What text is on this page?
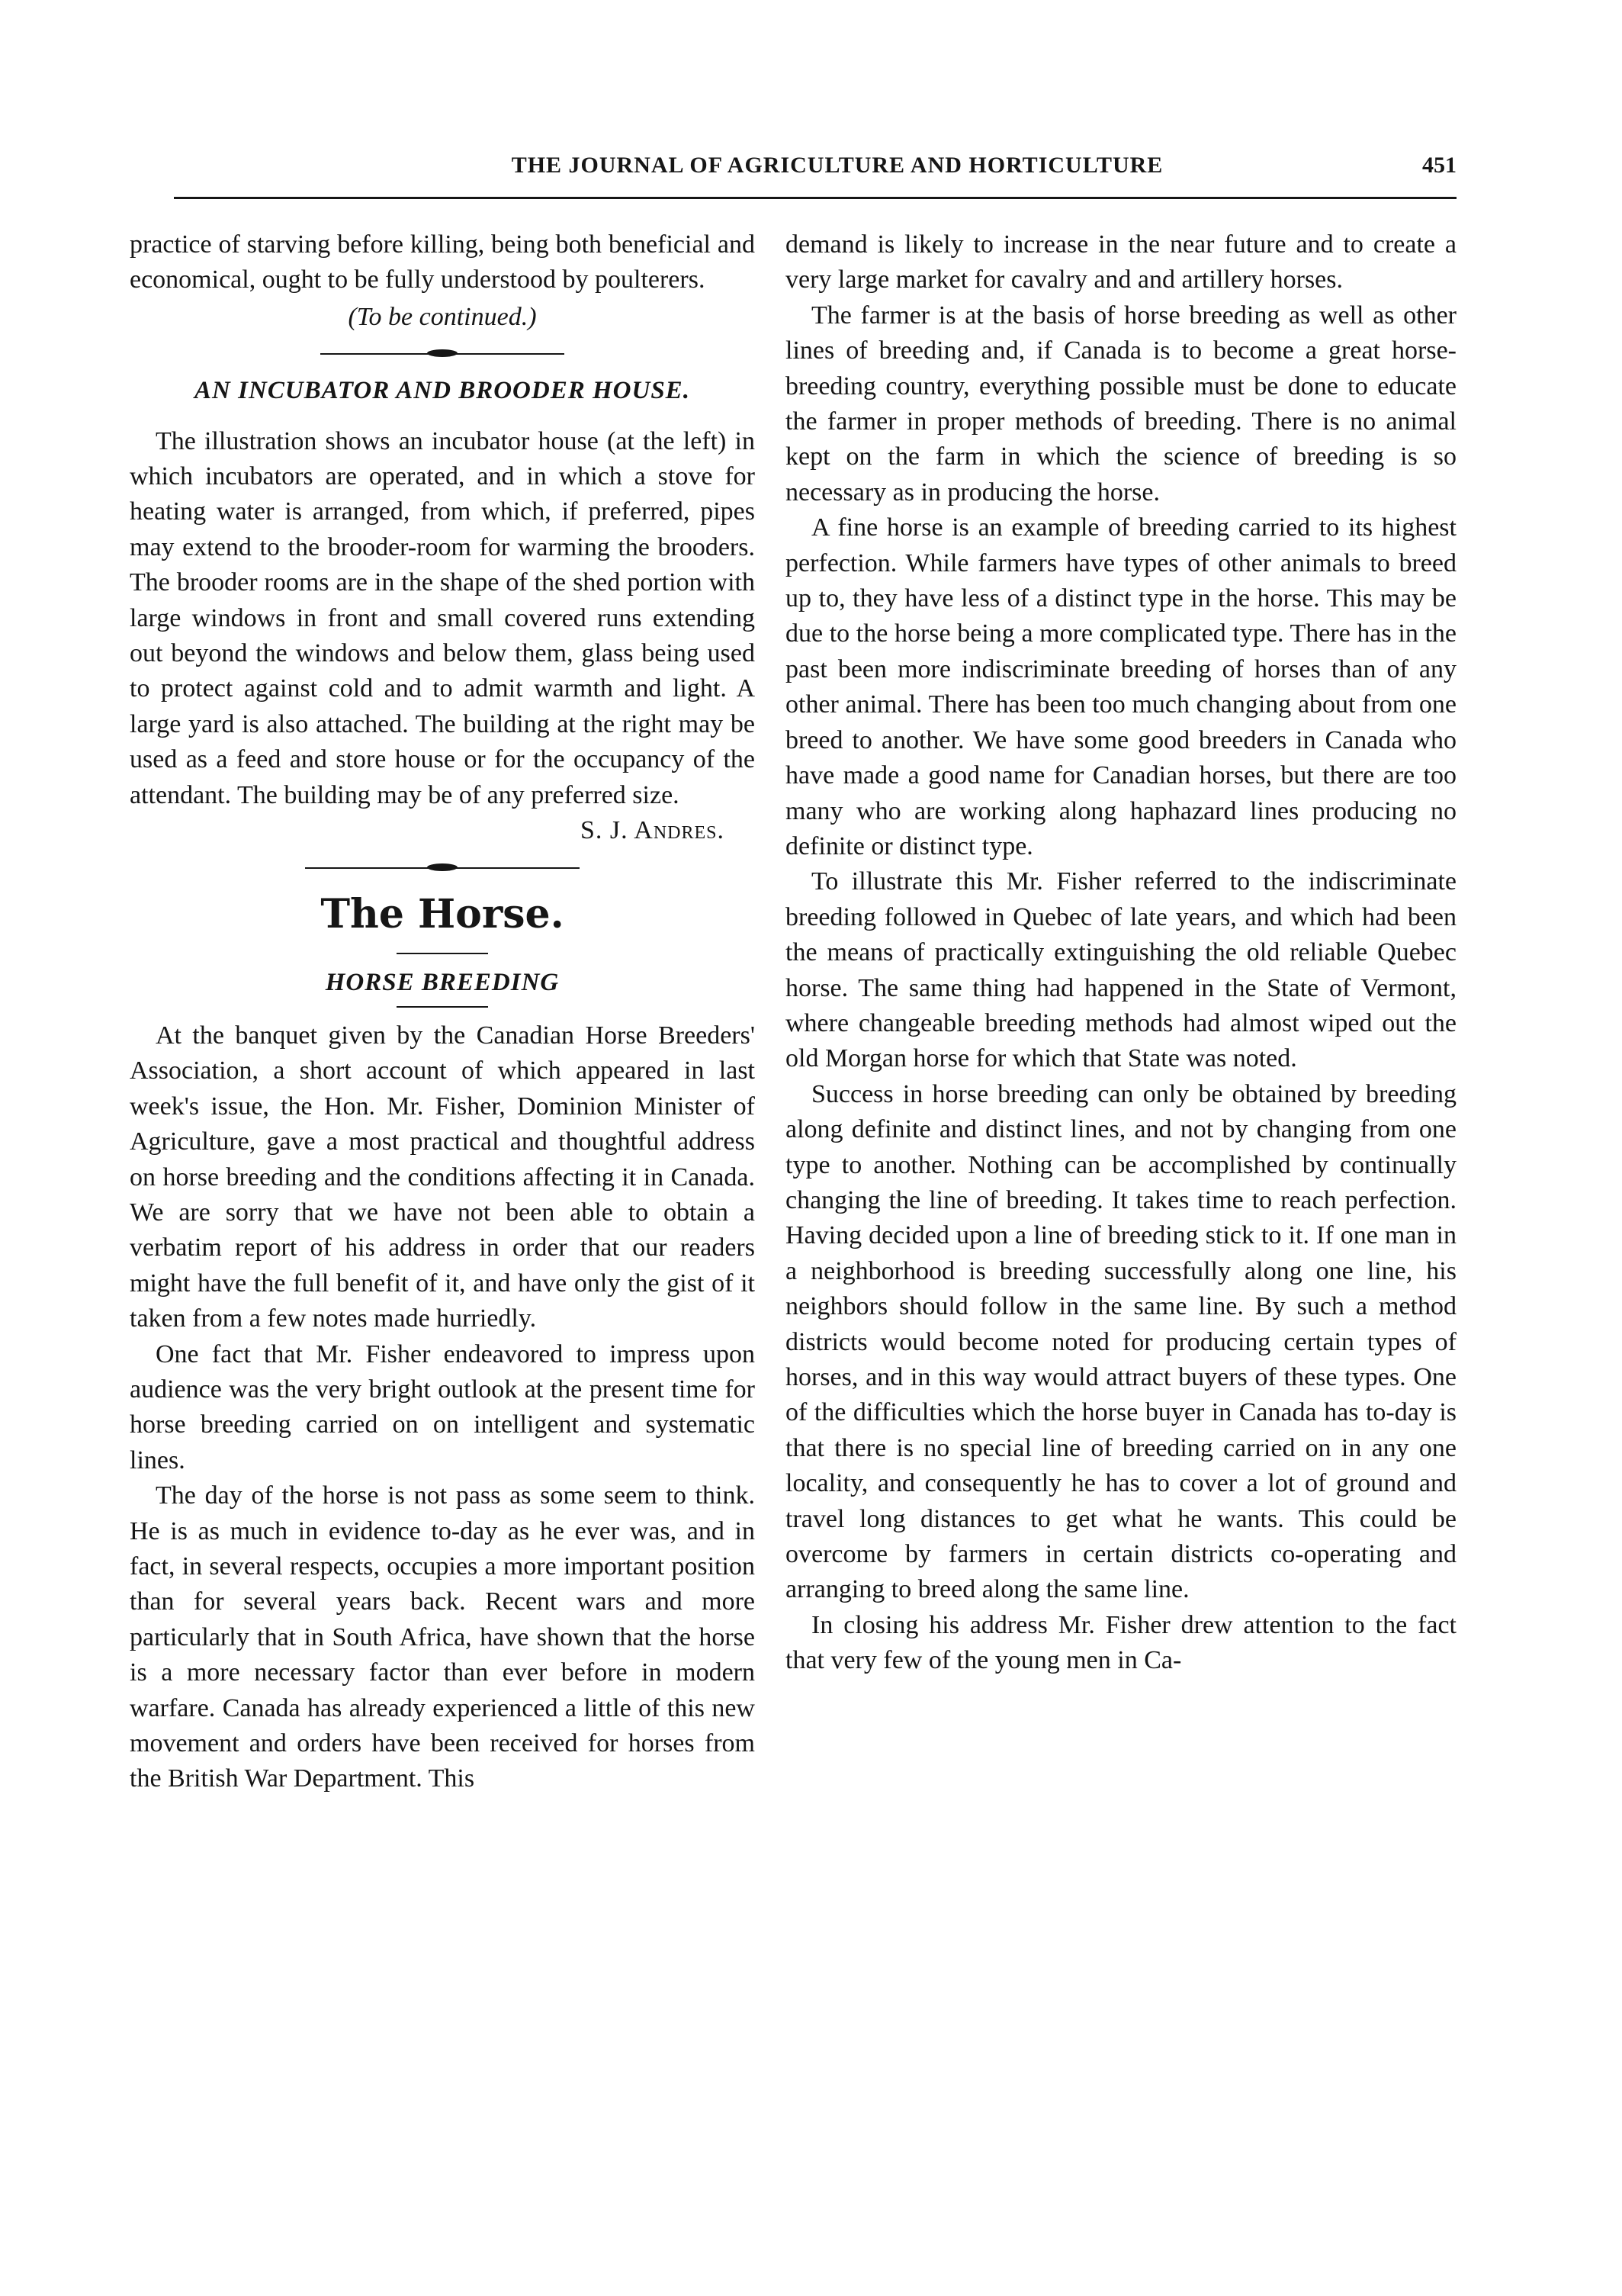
THE JOURNAL OF AGRICULTURE AND HORTICULTURE	451

practice of starving before killing, being both beneficial and economical, ought to be fully understood by poulterers.

(To be continued.)

AN INCUBATOR AND BROODER HOUSE.

The illustration shows an incubator house (at the left) in which incubators are operated, and in which a stove for heating water is arranged, from which, if preferred, pipes may extend to the brooder-room for warming the brooders. The brooder rooms are in the shape of the shed portion with large windows in front and small covered runs extending out beyond the windows and below them, glass being used to protect against cold and to admit warmth and light. A large yard is also attached. The building at the right may be used as a feed and store house or for the occupancy of the attendant. The building may be of any preferred size.

S. J. Andres.
The Horse.

HORSE BREEDING

At the banquet given by the Canadian Horse Breeders' Association, a short account of which appeared in last week's issue, the Hon. Mr. Fisher, Dominion Minister of Agriculture, gave a most practical and thoughtful address on horse breeding and the conditions affecting it in Canada. We are sorry that we have not been able to obtain a verbatim report of his address in order that our readers might have the full benefit of it, and have only the gist of it taken from a few notes made hurriedly.

One fact that Mr. Fisher endeavored to impress upon audience was the very bright outlook at the present time for horse breeding carried on on intelligent and systematic lines.

The day of the horse is not pass as some seem to think. He is as much in evidence to-day as he ever was, and in fact, in several respects, occupies a more important position than for several years back. Recent wars and more particularly that in South Africa, have shown that the horse is a more necessary factor than ever before in modern warfare. Canada has already experienced a little of this new movement and orders have been received for horses from the British War Department. This

demand is likely to increase in the near future and to create a very large market for cavalry and and artillery horses.

The farmer is at the basis of horse breeding as well as other lines of breeding and, if Canada is to become a great horse-breeding country, everything possible must be done to educate the farmer in proper methods of breeding. There is no animal kept on the farm in which the science of breeding is so necessary as in producing the horse.

A fine horse is an example of breeding carried to its highest perfection. While farmers have types of other animals to breed up to, they have less of a distinct type in the horse. This may be due to the horse being a more complicated type. There has in the past been more indiscriminate breeding of horses than of any other animal. There has been too much changing about from one breed to another. We have some good breeders in Canada who have made a good name for Canadian horses, but there are too many who are working along haphazard lines producing no definite or distinct type.

To illustrate this Mr. Fisher referred to the indiscriminate breeding followed in Quebec of late years, and which had been the means of practically extinguishing the old reliable Quebec horse. The same thing had happened in the State of Vermont, where changeable breeding methods had almost wiped out the old Morgan horse for which that State was noted.

Success in horse breeding can only be obtained by breeding along definite and distinct lines, and not by changing from one type to another. Nothing can be accomplished by continually changing the line of breeding. It takes time to reach perfection. Having decided upon a line of breeding stick to it. If one man in a neighborhood is breeding successfully along one line, his neighbors should follow in the same line. By such a method districts would become noted for producing certain types of horses, and in this way would attract buyers of these types. One of the difficulties which the horse buyer in Canada has to-day is that there is no special line of breeding carried on in any one locality, and consequently he has to cover a lot of ground and travel long distances to get what he wants. This could be overcome by farmers in certain districts co-operating and arranging to breed along the same line.

In closing his address Mr. Fisher drew attention to the fact that very few of the young men in Ca-
